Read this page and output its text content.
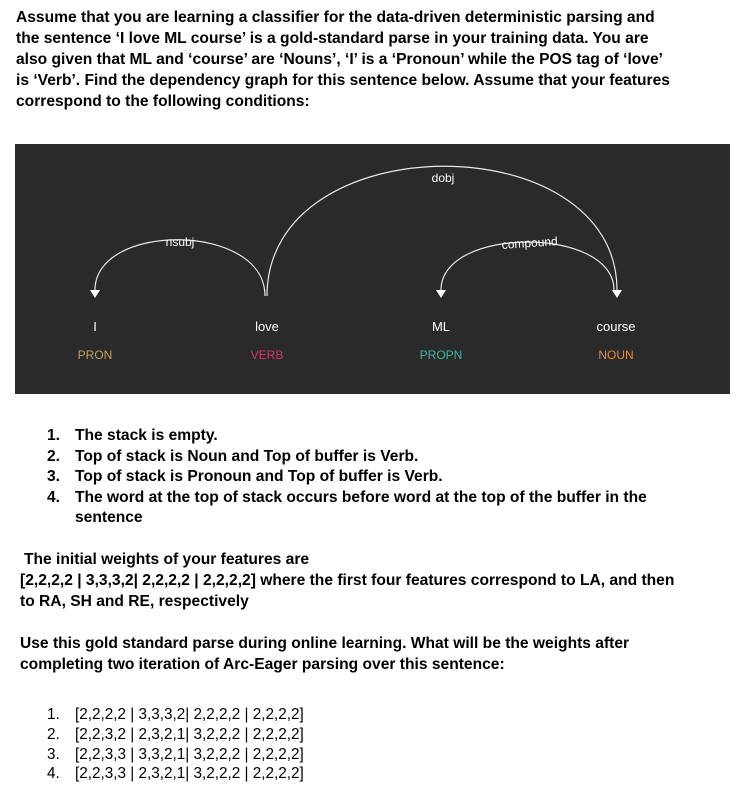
Assume that you are learning a classifier for the data-driven deterministic parsing and
the sentence ‘I love ML course’ is a gold-standard parse in your training data. You are
also given that ML and ‘course’ are ‘Nouns’, ‘I’ is a ‘Pronoun’ while the POS tag of ‘love’
is ‘Verb’. Find the dependency graph for this sentence below. Assume that your features
correspond to the following conditions:
nsubj
dobj
compound
I	love	ML	course
PRON	VERB	PROPN	NOUN
1. The stack is empty.
2. Top of stack is Noun and Top of buffer is Verb.
3. Top of stack is Pronoun and Top of buffer is Verb.
4. The word at the top of stack occurs before word at the top of the buffer in the sentence
The initial weights of your features are
[2,2,2,2 | 3,3,3,2| 2,2,2,2 | 2,2,2,2] where the first four features correspond to LA, and then
to RA, SH and RE, respectively
Use this gold standard parse during online learning. What will be the weights after
completing two iteration of Arc-Eager parsing over this sentence:
1. [2,2,2,2 | 3,3,3,2| 2,2,2,2 | 2,2,2,2]
2. [2,2,3,2 | 2,3,2,1| 3,2,2,2 | 2,2,2,2]
3. [2,2,3,3 | 3,3,2,1| 3,2,2,2 | 2,2,2,2]
4. [2,2,3,3 | 2,3,2,1| 3,2,2,2 | 2,2,2,2]
